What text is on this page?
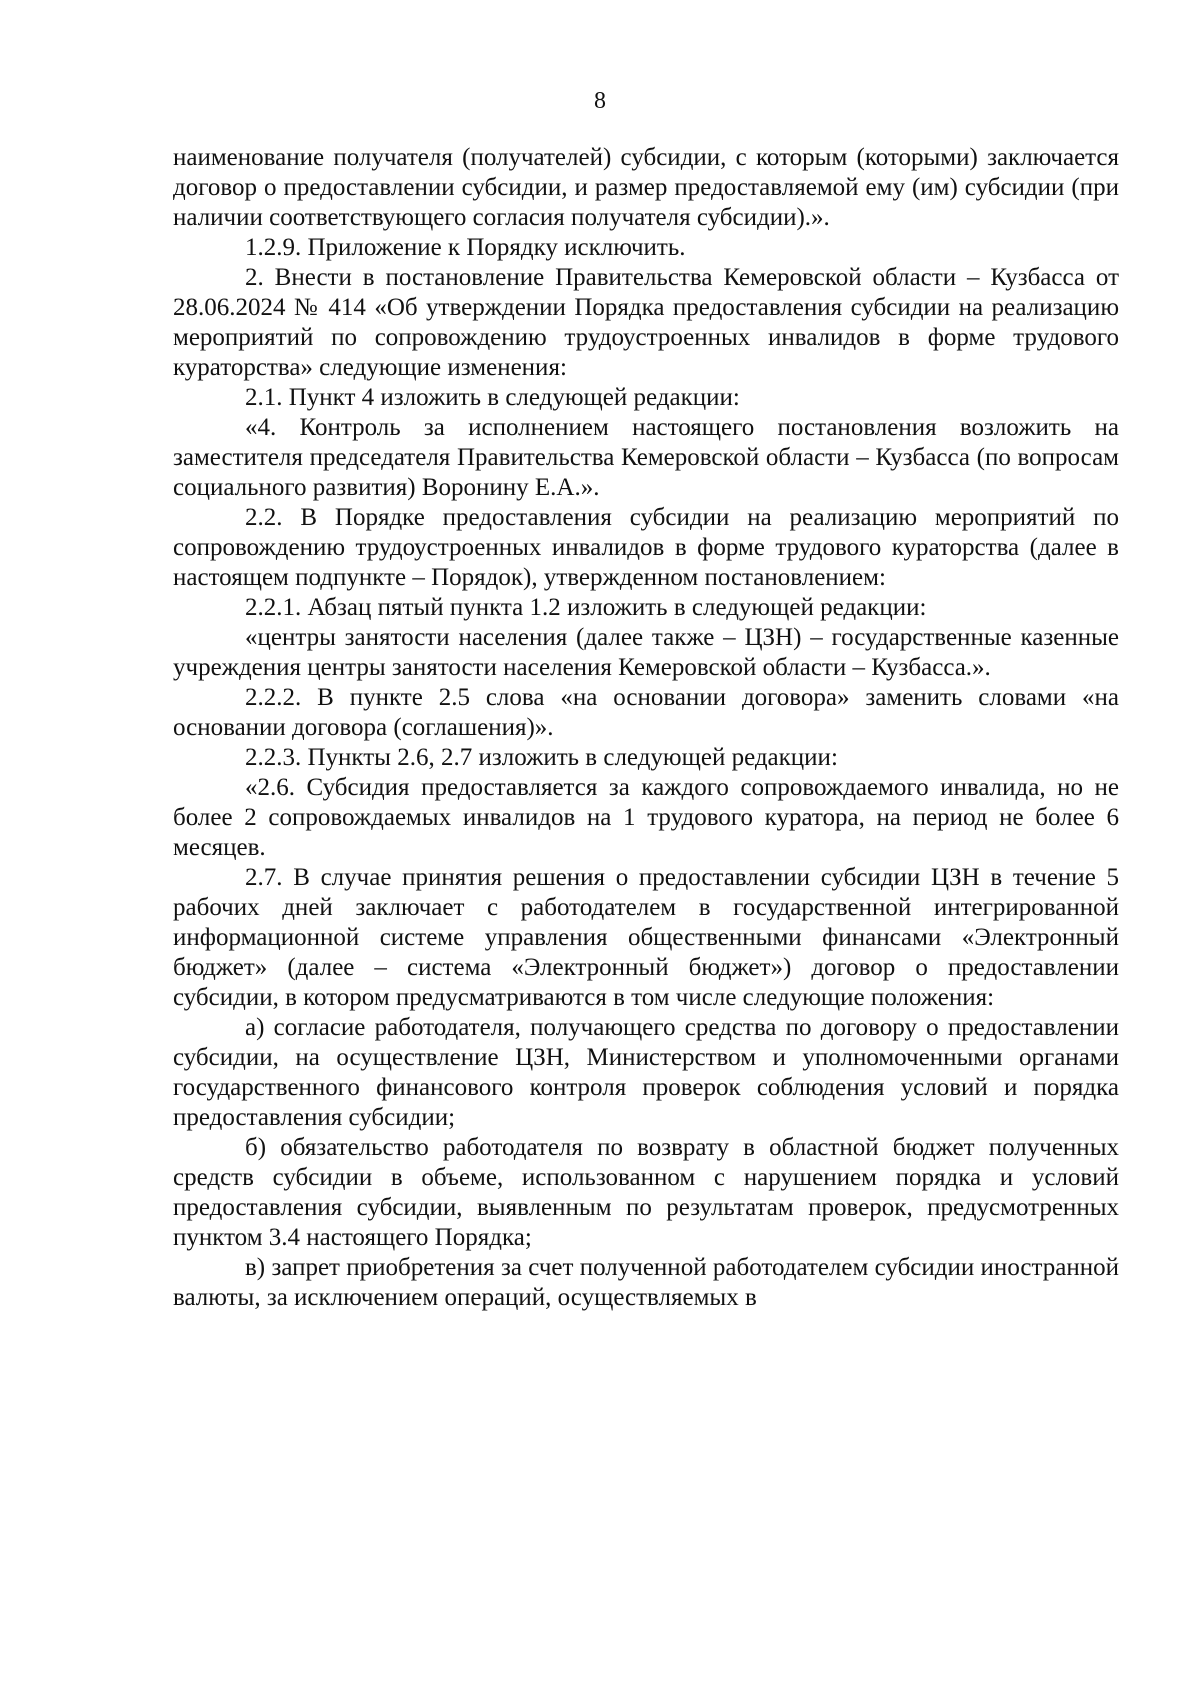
8

наименование получателя (получателей) субсидии, с которым (которыми) заключается договор о предоставлении субсидии, и размер предоставляемой ему (им) субсидии (при наличии соответствующего согласия получателя субсидии).».

1.2.9. Приложение к Порядку исключить.

2. Внести в постановление Правительства Кемеровской области – Кузбасса от 28.06.2024 № 414 «Об утверждении Порядка предоставления субсидии на реализацию мероприятий по сопровождению трудоустроенных инвалидов в форме трудового кураторства» следующие изменения:

2.1. Пункт 4 изложить в следующей редакции:

«4. Контроль за исполнением настоящего постановления возложить на заместителя председателя Правительства Кемеровской области – Кузбасса (по вопросам социального развития) Воронину Е.А.».

2.2. В Порядке предоставления субсидии на реализацию мероприятий по сопровождению трудоустроенных инвалидов в форме трудового кураторства (далее в настоящем подпункте – Порядок), утвержденном постановлением:

2.2.1. Абзац пятый пункта 1.2 изложить в следующей редакции:

«центры занятости населения (далее также – ЦЗН) – государственные казенные учреждения центры занятости населения Кемеровской области – Кузбасса.».

2.2.2. В пункте 2.5 слова «на основании договора» заменить словами «на основании договора (соглашения)».

2.2.3. Пункты 2.6, 2.7 изложить в следующей редакции:

«2.6. Субсидия предоставляется за каждого сопровождаемого инвалида, но не более 2 сопровождаемых инвалидов на 1 трудового куратора, на период не более 6 месяцев.

2.7. В случае принятия решения о предоставлении субсидии ЦЗН в течение 5 рабочих дней заключает с работодателем в государственной интегрированной информационной системе управления общественными финансами «Электронный бюджет» (далее – система «Электронный бюджет») договор о предоставлении субсидии, в котором предусматриваются в том числе следующие положения:

а) согласие работодателя, получающего средства по договору о предоставлении субсидии, на осуществление ЦЗН, Министерством и уполномоченными органами государственного финансового контроля проверок соблюдения условий и порядка предоставления субсидии;

б) обязательство работодателя по возврату в областной бюджет полученных средств субсидии в объеме, использованном с нарушением порядка и условий предоставления субсидии, выявленным по результатам проверок, предусмотренных пунктом 3.4 настоящего Порядка;

в) запрет приобретения за счет полученной работодателем субсидии иностранной валюты, за исключением операций, осуществляемых в
